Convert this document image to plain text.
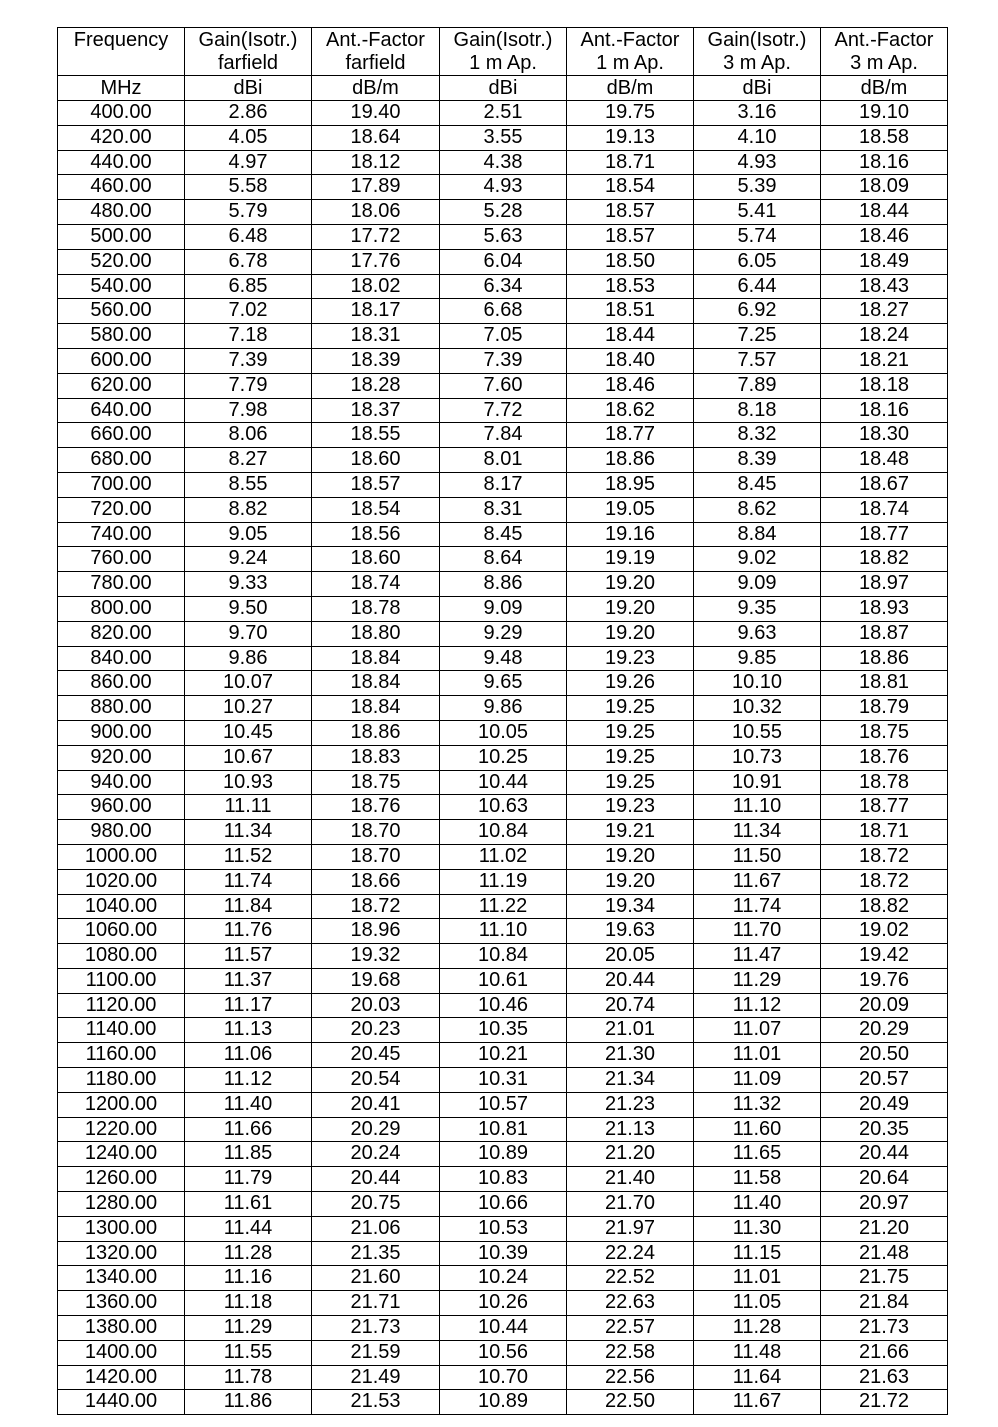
Frequency	Gain(Isotr.)	Ant.-Factor	Gain(Isotr.)	Ant.-Factor	Gain(Isotr.)	Ant.-Factor
	farfield	farfield	1 m Ap.	1 m Ap.	3 m Ap.	3 m Ap.
MHz	dBi	dB/m	dBi	dB/m	dBi	dB/m
400.00	2.86	19.40	2.51	19.75	3.16	19.10
420.00	4.05	18.64	3.55	19.13	4.10	18.58
440.00	4.97	18.12	4.38	18.71	4.93	18.16
460.00	5.58	17.89	4.93	18.54	5.39	18.09
480.00	5.79	18.06	5.28	18.57	5.41	18.44
500.00	6.48	17.72	5.63	18.57	5.74	18.46
520.00	6.78	17.76	6.04	18.50	6.05	18.49
540.00	6.85	18.02	6.34	18.53	6.44	18.43
560.00	7.02	18.17	6.68	18.51	6.92	18.27
580.00	7.18	18.31	7.05	18.44	7.25	18.24
600.00	7.39	18.39	7.39	18.40	7.57	18.21
620.00	7.79	18.28	7.60	18.46	7.89	18.18
640.00	7.98	18.37	7.72	18.62	8.18	18.16
660.00	8.06	18.55	7.84	18.77	8.32	18.30
680.00	8.27	18.60	8.01	18.86	8.39	18.48
700.00	8.55	18.57	8.17	18.95	8.45	18.67
720.00	8.82	18.54	8.31	19.05	8.62	18.74
740.00	9.05	18.56	8.45	19.16	8.84	18.77
760.00	9.24	18.60	8.64	19.19	9.02	18.82
780.00	9.33	18.74	8.86	19.20	9.09	18.97
800.00	9.50	18.78	9.09	19.20	9.35	18.93
820.00	9.70	18.80	9.29	19.20	9.63	18.87
840.00	9.86	18.84	9.48	19.23	9.85	18.86
860.00	10.07	18.84	9.65	19.26	10.10	18.81
880.00	10.27	18.84	9.86	19.25	10.32	18.79
900.00	10.45	18.86	10.05	19.25	10.55	18.75
920.00	10.67	18.83	10.25	19.25	10.73	18.76
940.00	10.93	18.75	10.44	19.25	10.91	18.78
960.00	11.11	18.76	10.63	19.23	11.10	18.77
980.00	11.34	18.70	10.84	19.21	11.34	18.71
1000.00	11.52	18.70	11.02	19.20	11.50	18.72
1020.00	11.74	18.66	11.19	19.20	11.67	18.72
1040.00	11.84	18.72	11.22	19.34	11.74	18.82
1060.00	11.76	18.96	11.10	19.63	11.70	19.02
1080.00	11.57	19.32	10.84	20.05	11.47	19.42
1100.00	11.37	19.68	10.61	20.44	11.29	19.76
1120.00	11.17	20.03	10.46	20.74	11.12	20.09
1140.00	11.13	20.23	10.35	21.01	11.07	20.29
1160.00	11.06	20.45	10.21	21.30	11.01	20.50
1180.00	11.12	20.54	10.31	21.34	11.09	20.57
1200.00	11.40	20.41	10.57	21.23	11.32	20.49
1220.00	11.66	20.29	10.81	21.13	11.60	20.35
1240.00	11.85	20.24	10.89	21.20	11.65	20.44
1260.00	11.79	20.44	10.83	21.40	11.58	20.64
1280.00	11.61	20.75	10.66	21.70	11.40	20.97
1300.00	11.44	21.06	10.53	21.97	11.30	21.20
1320.00	11.28	21.35	10.39	22.24	11.15	21.48
1340.00	11.16	21.60	10.24	22.52	11.01	21.75
1360.00	11.18	21.71	10.26	22.63	11.05	21.84
1380.00	11.29	21.73	10.44	22.57	11.28	21.73
1400.00	11.55	21.59	10.56	22.58	11.48	21.66
1420.00	11.78	21.49	10.70	22.56	11.64	21.63
1440.00	11.86	21.53	10.89	22.50	11.67	21.72
